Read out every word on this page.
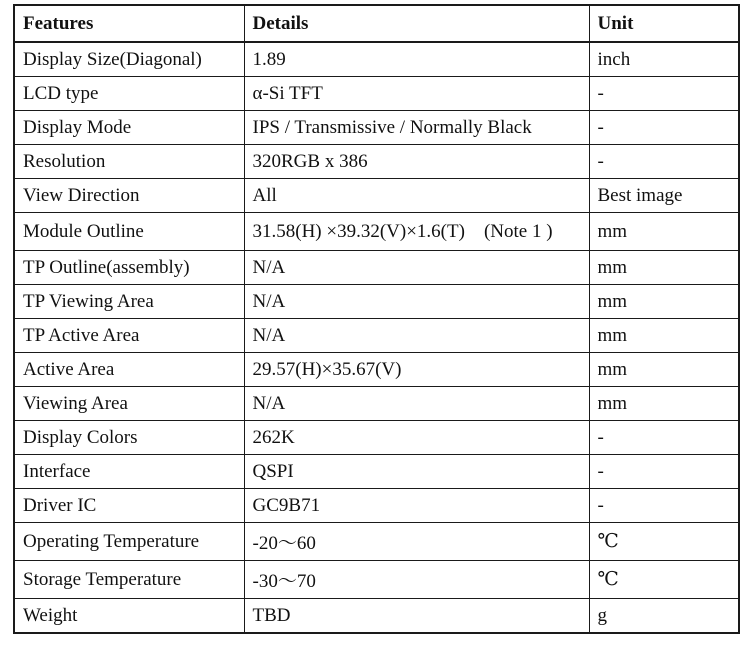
Features	Details	Unit
Display Size(Diagonal)	1.89	inch
LCD type	α-Si TFT	-
Display Mode	IPS / Transmissive / Normally Black	-
Resolution	320RGB x 386	-
View Direction	All	Best image
Module Outline	31.58(H) ×39.32(V)×1.6(T)    (Note 1 )	mm
TP Outline(assembly)	N/A	mm
TP Viewing Area	N/A	mm
TP Active Area	N/A	mm
Active Area	29.57(H)×35.67(V)	mm
Viewing Area	N/A	mm
Display Colors	262K	-
Interface	QSPI	-
Driver IC	GC9B71	-
Operating Temperature	-20～60	℃
Storage Temperature	-30～70	℃
Weight	TBD	g
